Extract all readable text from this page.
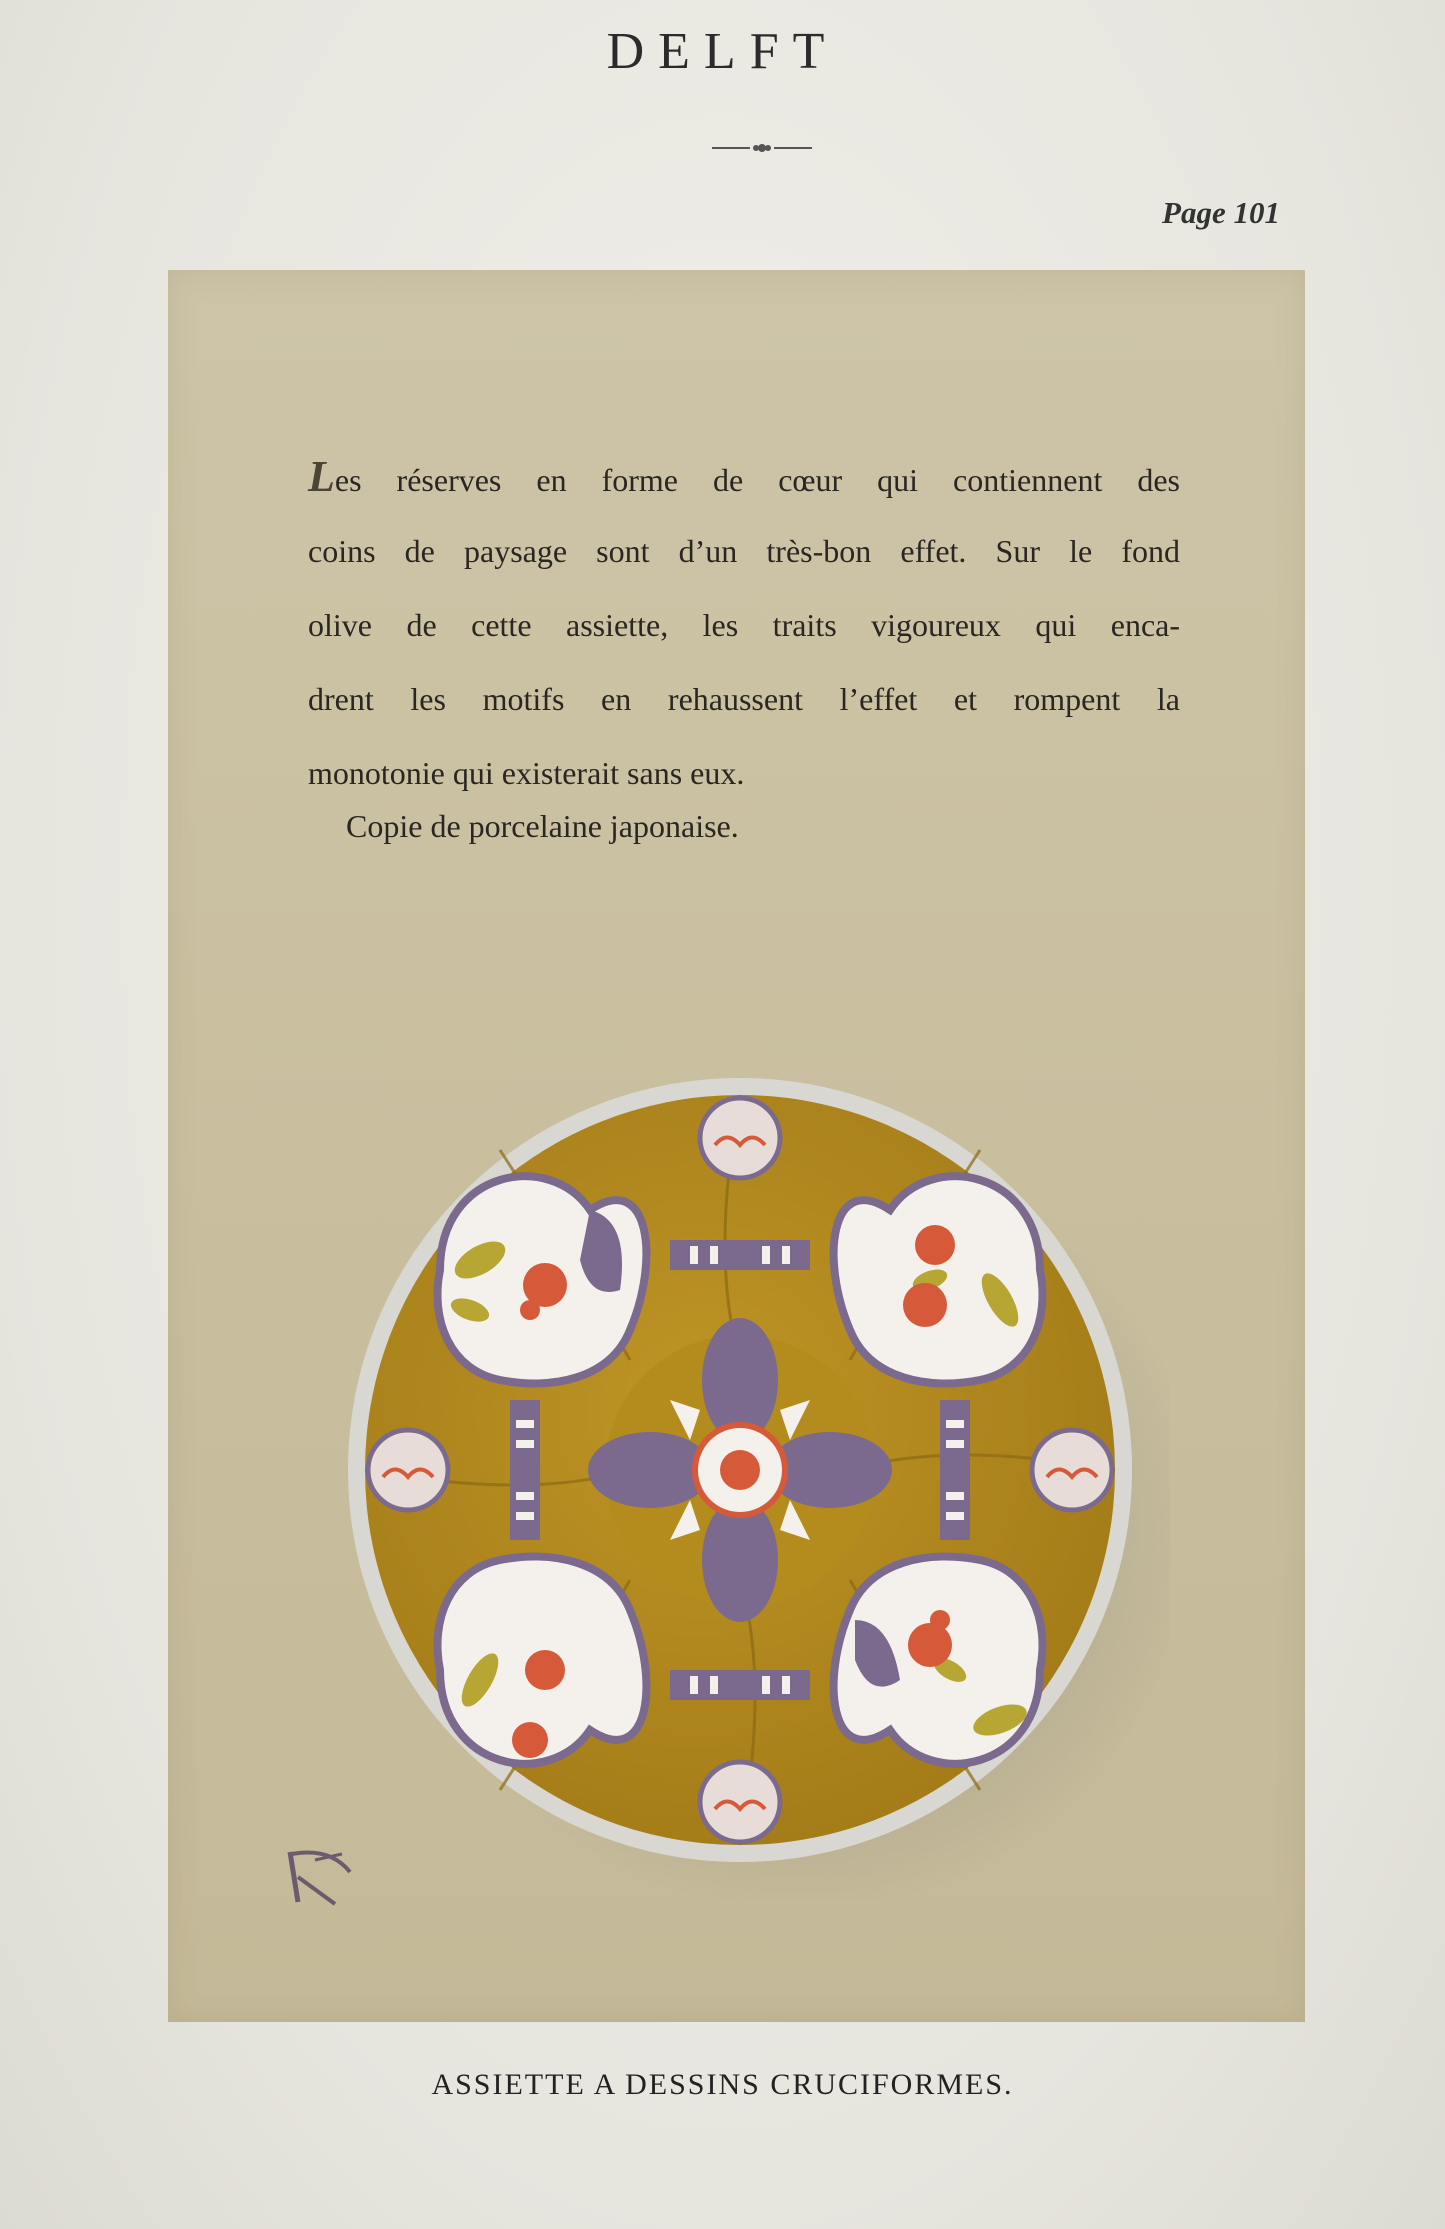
DELFT
Page 101
Les réserves en forme de cœur qui contiennent des
coins de paysage sont d’un très-bon effet. Sur le fond
olive de cette assiette, les traits vigoureux qui enca-
drent les motifs en rehaussent l’effet et rompent la
monotonie qui existerait sans eux.
Copie de porcelaine japonaise.
ASSIETTE A DESSINS CRUCIFORMES.
